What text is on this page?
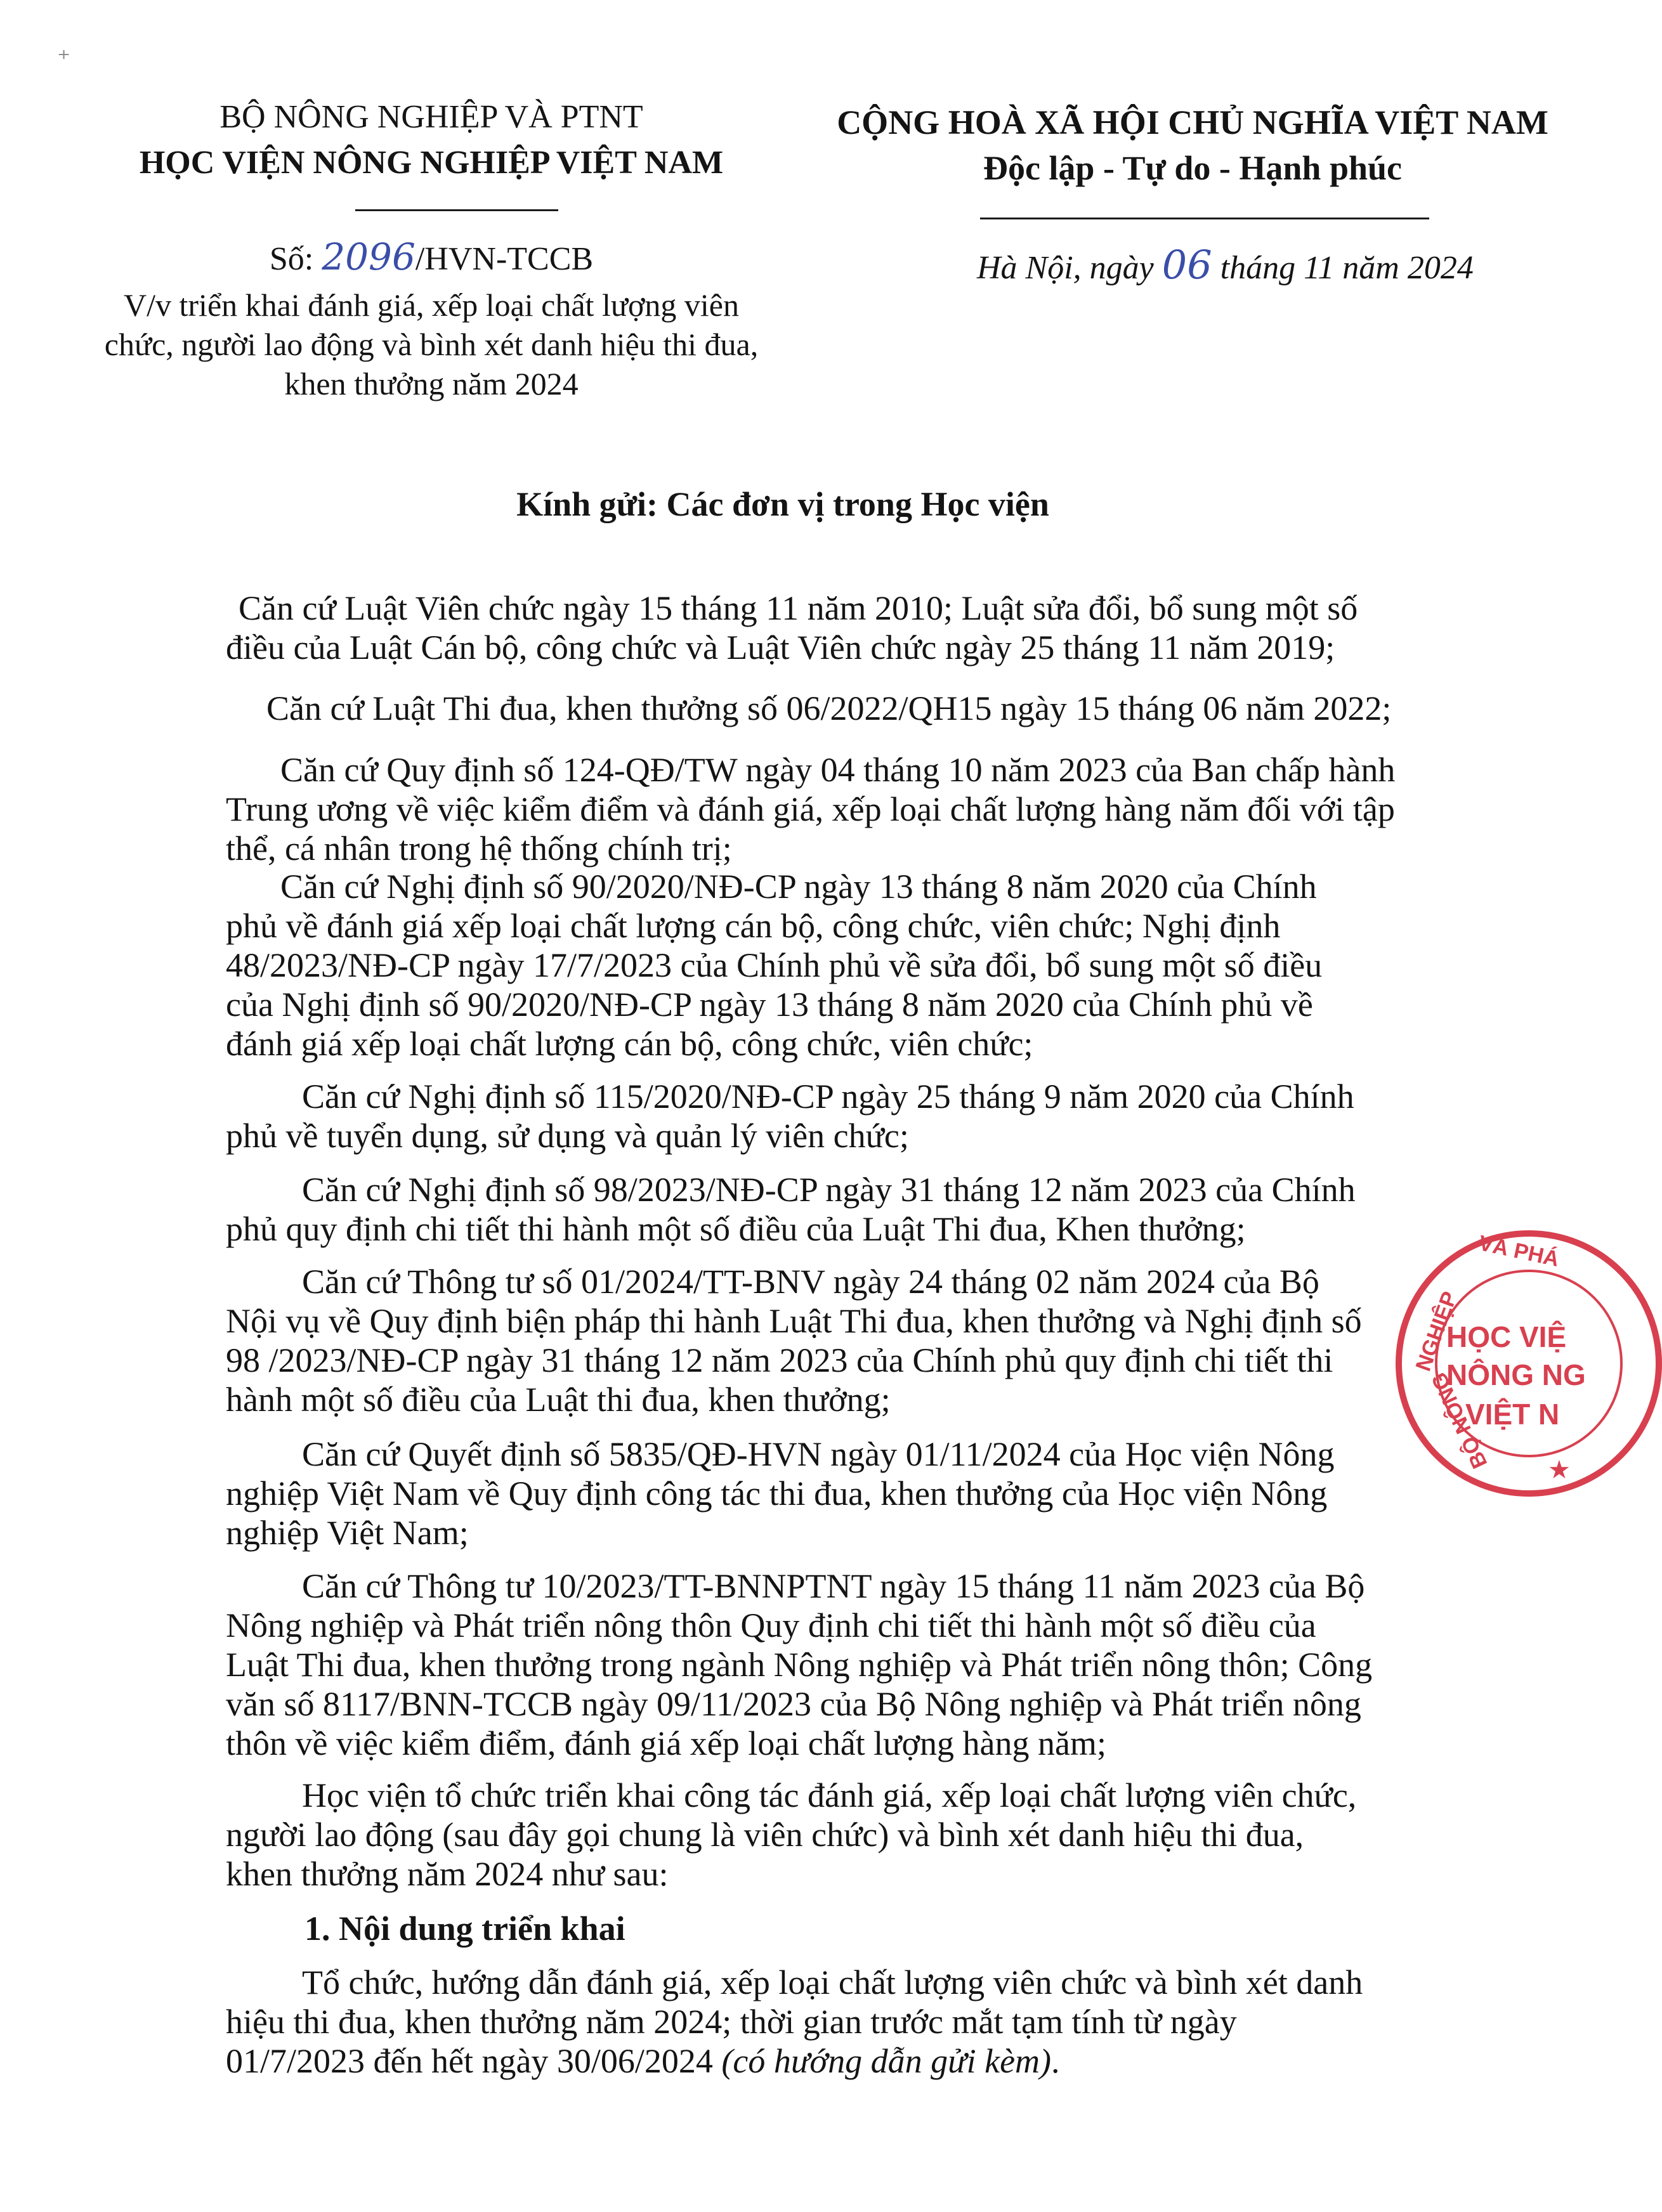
⁺
BỘ NÔNG NGHIỆP VÀ PTNT
HỌC VIỆN NÔNG NGHIỆP VIỆT NAM
Số: 2096/HVN-TCCB
V/v triển khai đánh giá, xếp loại chất lượng viên
chức, người lao động và bình xét danh hiệu thi đua,
khen thưởng năm 2024
CỘNG HOÀ XÃ HỘI CHỦ NGHĨA VIỆT NAM
Độc lập - Tự do - Hạnh phúc
Hà Nội, ngày 06 tháng 11 năm 2024
Kính gửi: Các đơn vị trong Học viện
Căn cứ Luật Viên chức ngày 15 tháng 11 năm 2010; Luật sửa đổi, bổ sung một số
điều của Luật Cán bộ, công chức và Luật Viên chức ngày 25 tháng 11 năm 2019;
Căn cứ Luật Thi đua, khen thưởng số 06/2022/QH15 ngày 15 tháng 06 năm 2022;
Căn cứ Quy định số 124-QĐ/TW ngày 04 tháng 10 năm 2023 của Ban chấp hành
Trung ương về việc kiểm điểm và đánh giá, xếp loại chất lượng hàng năm đối với tập
thể, cá nhân trong hệ thống chính trị;
Căn cứ Nghị định số 90/2020/NĐ-CP ngày 13 tháng 8 năm 2020 của Chính
phủ về đánh giá xếp loại chất lượng cán bộ, công chức, viên chức; Nghị định
48/2023/NĐ-CP ngày 17/7/2023 của Chính phủ về sửa đổi, bổ sung một số điều
của Nghị định số 90/2020/NĐ-CP ngày 13 tháng 8 năm 2020 của Chính phủ về
đánh giá xếp loại chất lượng cán bộ, công chức, viên chức;
Căn cứ Nghị định số 115/2020/NĐ-CP ngày 25 tháng 9 năm 2020 của Chính
phủ về tuyển dụng, sử dụng và quản lý viên chức;
Căn cứ Nghị định số 98/2023/NĐ-CP ngày 31 tháng 12 năm 2023 của Chính
phủ quy định chi tiết thi hành một số điều của Luật Thi đua, Khen thưởng;
Căn cứ Thông tư số 01/2024/TT-BNV ngày 24 tháng 02 năm 2024 của Bộ
Nội vụ về Quy định biện pháp thi hành Luật Thi đua, khen thưởng và Nghị định số
98 /2023/NĐ-CP ngày 31 tháng 12 năm 2023 của Chính phủ quy định chi tiết thi
hành một số điều của Luật thi đua, khen thưởng;
Căn cứ Quyết định số 5835/QĐ-HVN ngày 01/11/2024 của Học viện Nông
nghiệp Việt Nam về Quy định công tác thi đua, khen thưởng của Học viện Nông
nghiệp Việt Nam;
Căn cứ Thông tư 10/2023/TT-BNNPTNT ngày 15 tháng 11 năm 2023 của Bộ
Nông nghiệp và Phát triển nông thôn Quy định chi tiết thi hành một số điều của
Luật Thi đua, khen thưởng trong ngành Nông nghiệp và Phát triển nông thôn; Công
văn số 8117/BNN-TCCB ngày 09/11/2023 của Bộ Nông nghiệp và Phát triển nông
thôn về việc kiểm điểm, đánh giá xếp loại chất lượng hàng năm;
Học viện tổ chức triển khai công tác đánh giá, xếp loại chất lượng viên chức,
người lao động (sau đây gọi chung là viên chức) và bình xét danh hiệu thi đua,
khen thưởng năm 2024 như sau:
1. Nội dung triển khai
Tổ chức, hướng dẫn đánh giá, xếp loại chất lượng viên chức và bình xét danh
hiệu thi đua, khen thưởng năm 2024; thời gian trước mắt tạm tính từ ngày
01/7/2023 đến hết ngày 30/06/2024 (có hướng dẫn gửi kèm).
VÀ PHÁ
NGHIỆP
BỘ NÔNG
HỌC VIỆ
NÔNG NG
VIỆT N
★
